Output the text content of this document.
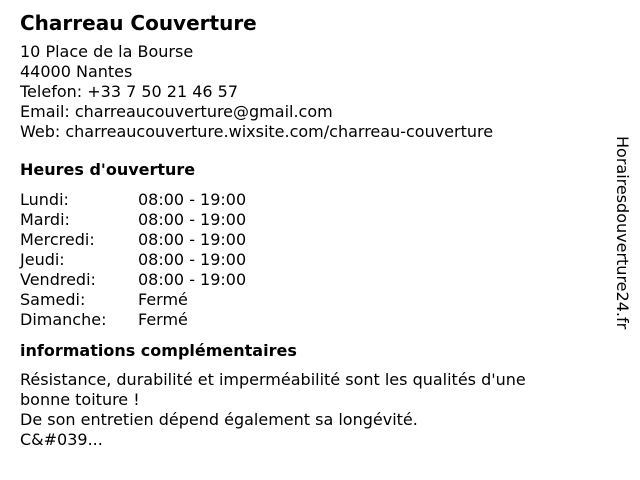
Charreau Couverture
10 Place de la Bourse
44000 Nantes
Telefon: +33 7 50 21 46 57
Email: charreaucouverture@gmail.com
Web: charreaucouverture.wixsite.com/charreau-couverture
Heures d'ouverture
Lundi:	08:00 - 19:00
Mardi:	08:00 - 19:00
Mercredi:	08:00 - 19:00
Jeudi:	08:00 - 19:00
Vendredi:	08:00 - 19:00
Samedi:	Fermé
Dimanche:	Fermé
informations complémentaires
Résistance, durabilité et imperméabilité sont les qualités d'une
bonne toiture !
De son entretien dépend également sa longévité.
C&#039...
Horairesdouverture24.fr
